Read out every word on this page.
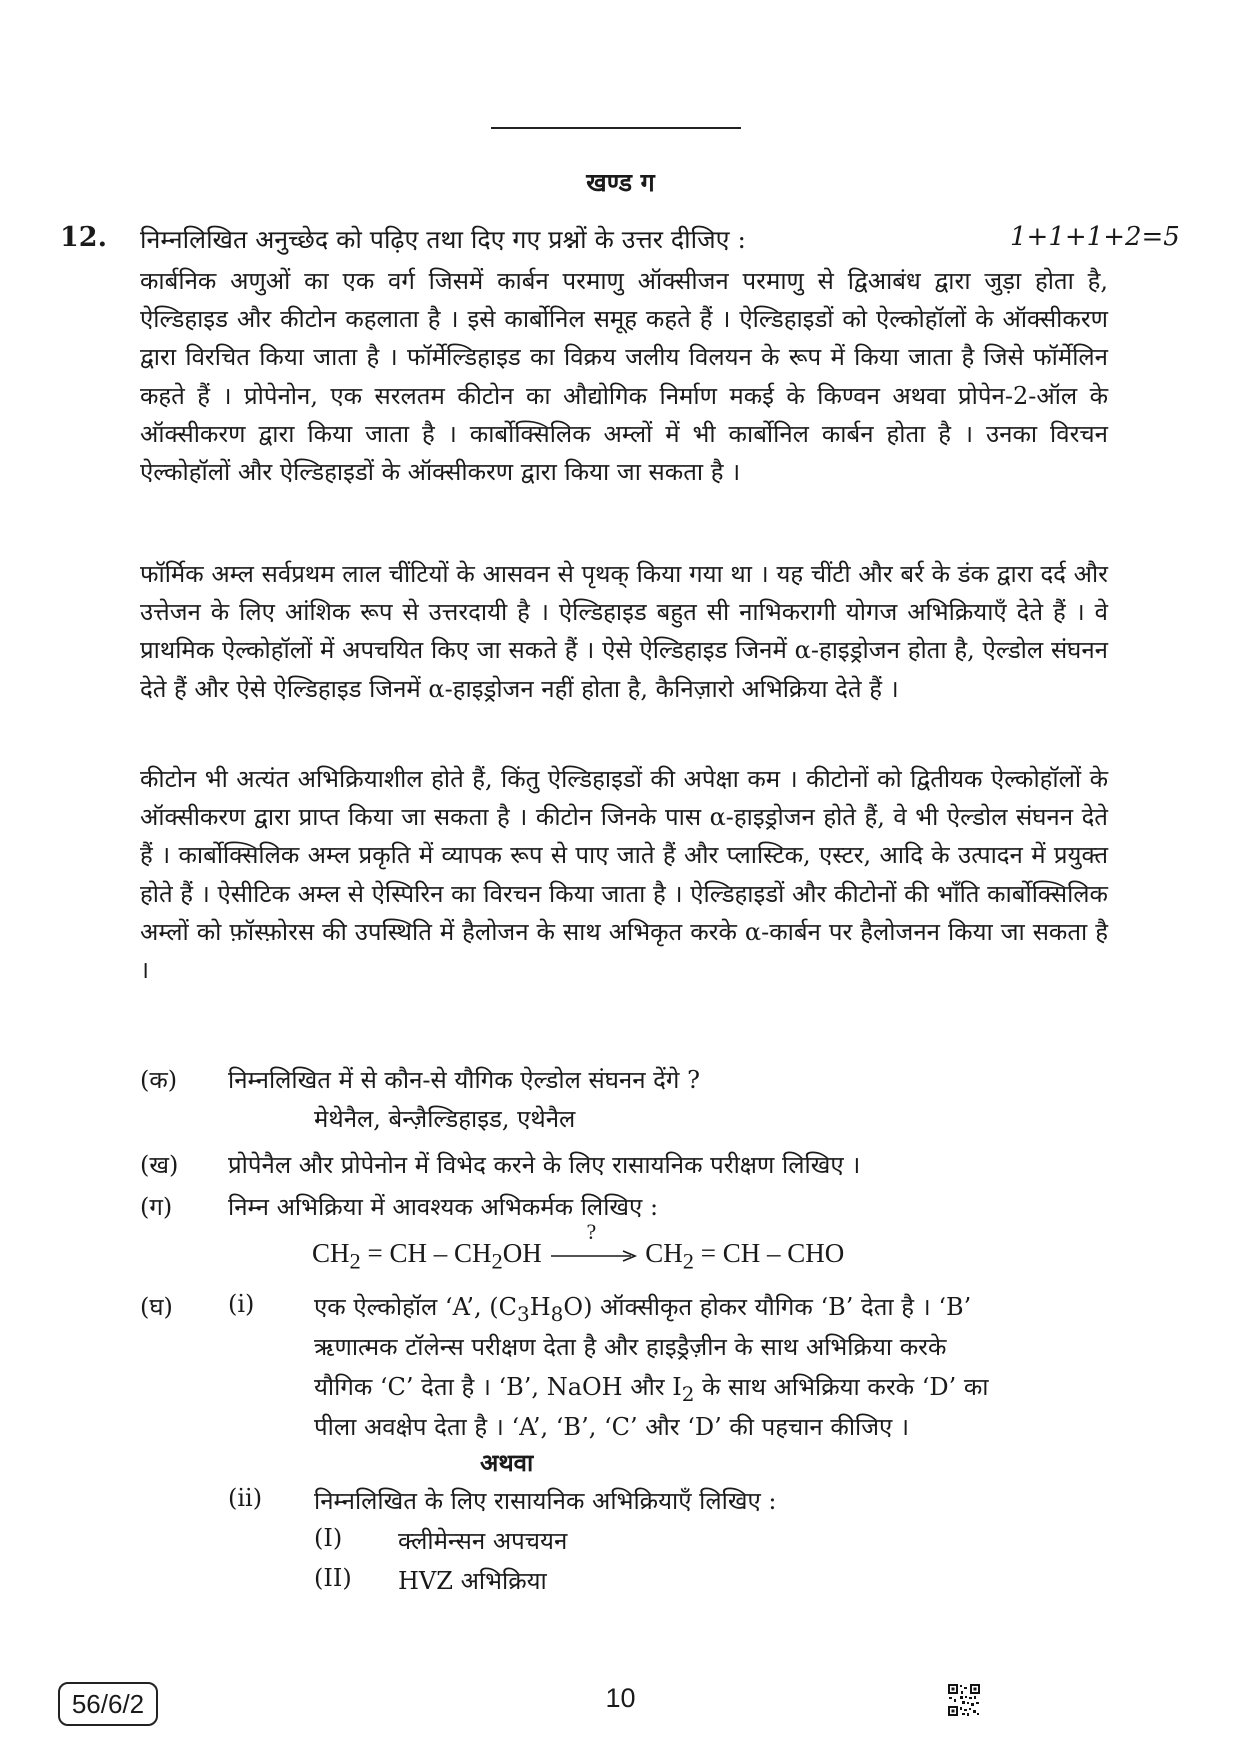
खण्ड ग
12. निम्नलिखित अनुच्छेद को पढ़िए तथा दिए गए प्रश्नों के उत्तर दीजिए :	1+1+1+2=5

कार्बनिक अणुओं का एक वर्ग जिसमें कार्बन परमाणु ऑक्सीजन परमाणु से द्विआबंध द्वारा जुड़ा होता है, ऐल्डिहाइड और कीटोन कहलाता है । इसे कार्बोनिल समूह कहते हैं । ऐल्डिहाइडों को ऐल्कोहॉलों के ऑक्सीकरण द्वारा विरचित किया जाता है । फॉर्मेल्डिहाइड का विक्रय जलीय विलयन के रूप में किया जाता है जिसे फॉर्मेलिन कहते हैं । प्रोपेनोन, एक सरलतम कीटोन का औद्योगिक निर्माण मकई के किण्वन अथवा प्रोपेन-2-ऑल के ऑक्सीकरण द्वारा किया जाता है । कार्बोक्सिलिक अम्लों में भी कार्बोनिल कार्बन होता है । उनका विरचन ऐल्कोहॉलों और ऐल्डिहाइडों के ऑक्सीकरण द्वारा किया जा सकता है ।

फॉर्मिक अम्ल सर्वप्रथम लाल चींटियों के आसवन से पृथक् किया गया था । यह चींटी और बर्र के डंक द्वारा दर्द और उत्तेजन के लिए आंशिक रूप से उत्तरदायी है । ऐल्डिहाइड बहुत सी नाभिकरागी योगज अभिक्रियाएँ देते हैं । वे प्राथमिक ऐल्कोहॉलों में अपचयित किए जा सकते हैं । ऐसे ऐल्डिहाइड जिनमें α-हाइड्रोजन होता है, ऐल्डोल संघनन देते हैं और ऐसे ऐल्डिहाइड जिनमें α-हाइड्रोजन नहीं होता है, कैनिज़ारो अभिक्रिया देते हैं ।

कीटोन भी अत्यंत अभिक्रियाशील होते हैं, किंतु ऐल्डिहाइडों की अपेक्षा कम । कीटोनों को द्वितीयक ऐल्कोहॉलों के ऑक्सीकरण द्वारा प्राप्त किया जा सकता है । कीटोन जिनके पास α-हाइड्रोजन होते हैं, वे भी ऐल्डोल संघनन देते हैं । कार्बोक्सिलिक अम्ल प्रकृति में व्यापक रूप से पाए जाते हैं और प्लास्टिक, एस्टर, आदि के उत्पादन में प्रयुक्त होते हैं । ऐसीटिक अम्ल से ऐस्पिरिन का विरचन किया जाता है । ऐल्डिहाइडों और कीटोनों की भाँति कार्बोक्सिलिक अम्लों को फ़ॉस्फ़ोरस की उपस्थिति में हैलोजन के साथ अभिकृत करके α-कार्बन पर हैलोजनन किया जा सकता है ।

(क) निम्नलिखित में से कौन-से यौगिक ऐल्डोल संघनन देंगे ?
मेथेनैल, बेन्ज़ैल्डिहाइड, एथेनैल
(ख) प्रोपेनैल और प्रोपेनोन में विभेद करने के लिए रासायनिक परीक्षण लिखिए ।
(ग) निम्न अभिक्रिया में आवश्यक अभिकर्मक लिखिए :
$CH_2$ = CH – $CH_2OH$
?
$CH_2$ = CH – CHO
(घ) (i) एक ऐल्कोहॉल ‘A’, $(C_3H_8O)$ ऑक्सीकृत होकर यौगिक ‘B’ देता है । ‘B’
ऋणात्मक टॉलेन्स परीक्षण देता है और हाइड्रैज़ीन के साथ अभिक्रिया करके
यौगिक ‘C’ देता है । ‘B’, NaOH और $I_2$ के साथ अभिक्रिया करके ‘D’ का
पीला अवक्षेप देता है । ‘A’, ‘B’, ‘C’ और ‘D’ की पहचान कीजिए ।
अथवा
(ii) निम्नलिखित के लिए रासायनिक अभिक्रियाएँ लिखिए :
(I) क्लीमेन्सन अपचयन
(II) HVZ अभिक्रिया
56/6/2	10
